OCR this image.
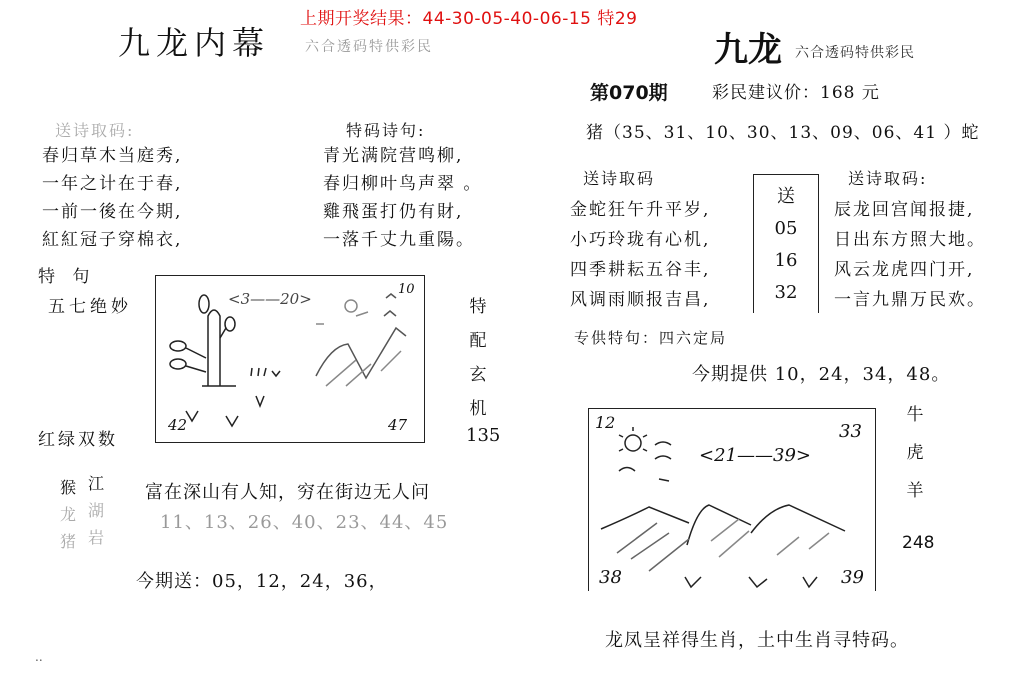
上期开奖结果：44-30-05-40-06-15 特29
九龙内幕 六合透码特供彩民
送诗取码:	特码诗句:
春归草木当庭秀,
一年之计在于春,
一前一後在今期,
紅紅冠子穿棉衣,
青光满院营鸣柳,
春归柳叶鸟声翠 。
雞飛蛋打仍有財,
一落千丈九重陽。
特 句
五七绝妙
红绿双数
<3——20>
10
42	47
特
配
玄
机
135
猴
龙
猪
江
湖
岩
富在深山有人知，穷在街边无人问
11、13、26、40、23、44、45
今期送：05，12，24，36，
..
九龙 六合透码特供彩民
第070期	彩民建议价：168 元
猪（35、31、10、30、13、09、06、41 ）蛇
送诗取码	送诗取码:
金蛇狂午升平岁,
小巧玲珑有心机,
四季耕耘五谷丰,
风调雨顺报吉昌,
送
05
16
32
辰龙回宫闻报捷,
日出东方照大地。
风云龙虎四门开,
一言九鼎万民欢。
专供特句：四六定局
今期提供 10，24，34，48。
12
<21——39>
33
38	39
牛
虎
羊
248
龙凤呈祥得生肖，土中生肖寻特码。
